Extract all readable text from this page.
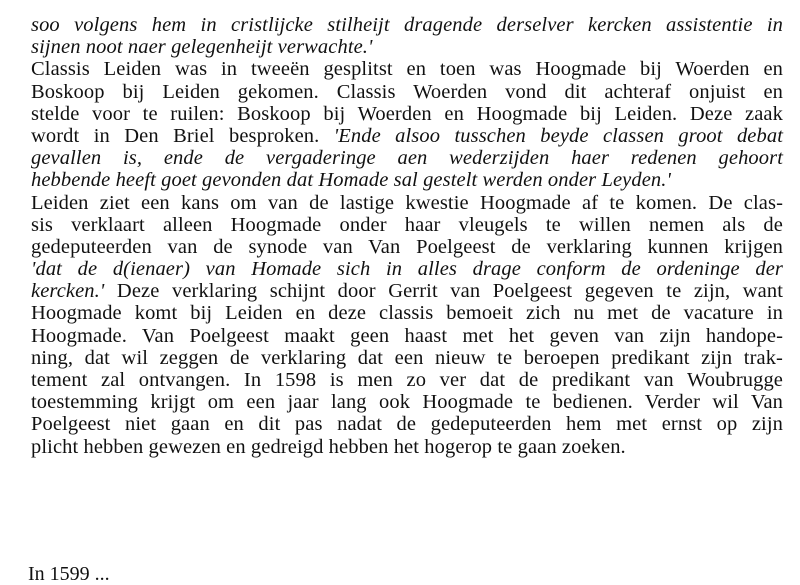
soo volgens hem in cristlijcke stilheijt dragende derselver kercken assistentie in
sijnen noot naer gelegenheijt verwachte.'
Classis Leiden was in tweeën gesplitst en toen was Hoogmade bij Woerden en
Boskoop bij Leiden gekomen. Classis Woerden vond dit achteraf onjuist en
stelde voor te ruilen: Boskoop bij Woerden en Hoogmade bij Leiden. Deze zaak
wordt in Den Briel besproken. 'Ende alsoo tusschen beyde classen groot debat
gevallen is, ende de vergaderinge aen wederzijden haer redenen gehoort
hebbende heeft goet gevonden dat Homade sal gestelt werden onder Leyden.'
Leiden ziet een kans om van de lastige kwestie Hoogmade af te komen. De clas-
sis verklaart alleen Hoogmade onder haar vleugels te willen nemen als de
gedeputeerden van de synode van Van Poelgeest de verklaring kunnen krijgen
'dat de d(ienaer) van Homade sich in alles drage conform de ordeninge der
kercken.' Deze verklaring schijnt door Gerrit van Poelgeest gegeven te zijn, want
Hoogmade komt bij Leiden en deze classis bemoeit zich nu met de vacature in
Hoogmade. Van Poelgeest maakt geen haast met het geven van zijn handope-
ning, dat wil zeggen de verklaring dat een nieuw te beroepen predikant zijn trak-
tement zal ontvangen. In 1598 is men zo ver dat de predikant van Woubrugge
toestemming krijgt om een jaar lang ook Hoogmade te bedienen. Verder wil Van
Poelgeest niet gaan en dit pas nadat de gedeputeerden hem met ernst op zijn
plicht hebben gewezen en gedreigd hebben het hogerop te gaan zoeken.
In 1599 ...
